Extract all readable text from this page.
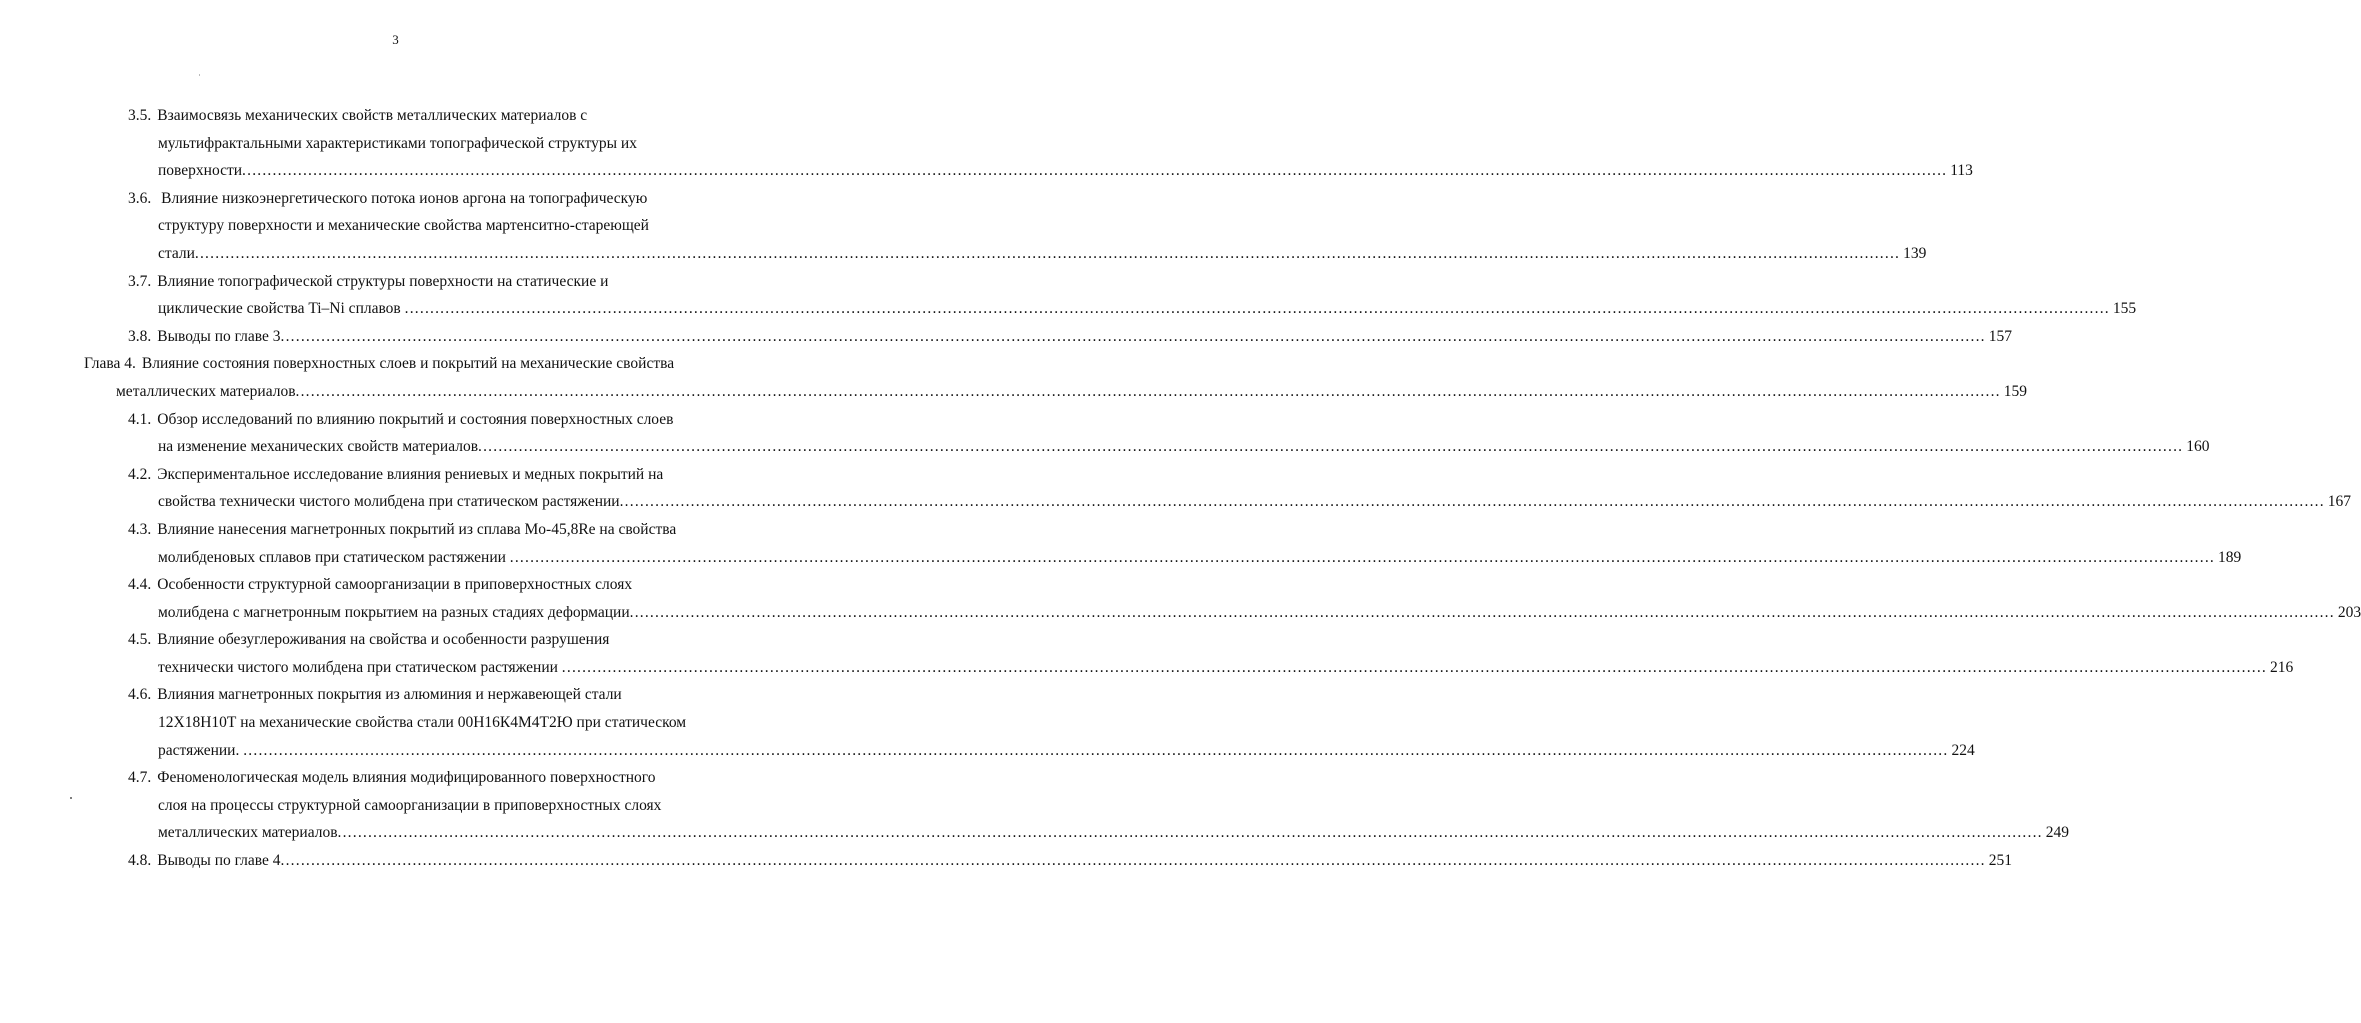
3
3.5. Взаимосвязь механических свойств металлических материалов с
мультифрактальными характеристиками топографической структуры их
поверхности .....	113
3.6. Влияние низкоэнергетического потока ионов аргона на топографическую
структуру поверхности и механические свойства мартенситно-стареющей
стали .....	139
3.7. Влияние топографической структуры поверхности на статические и
циклические свойства Ti–Ni сплавов .....	155
3.8. Выводы по главе 3 .....	157
Глава 4. Влияние состояния поверхностных слоев и покрытий на механические свойства
металлических материалов .....	159
4.1. Обзор исследований по влиянию покрытий и состояния поверхностных слоев
на изменение механических свойств материалов .....	160
4.2. Экспериментальное исследование влияния рениевых и медных покрытий на
свойства технически чистого молибдена при статическом растяжении .....	167
4.3. Влияние нанесения магнетронных покрытий из сплава Mo-45,8Re на свойства
молибденовых сплавов при статическом растяжении .....	189
4.4. Особенности структурной самоорганизации в приповерхностных слоях
молибдена с магнетронным покрытием на разных стадиях деформации .....	203
4.5. Влияние обезуглероживания на свойства и особенности разрушения
технически чистого молибдена при статическом растяжении .....	216
4.6. Влияния магнетронных покрытия из алюминия и нержавеющей стали
12Х18Н10Т на механические свойства стали 00Н16К4М4Т2Ю при статическом
растяжении. .....	224
4.7. Феноменологическая модель влияния модифицированного поверхностного
слоя на процессы структурной самоорганизации в приповерхностных слоях
металлических материалов .....	249
4.8. Выводы по главе 4 .....	251
